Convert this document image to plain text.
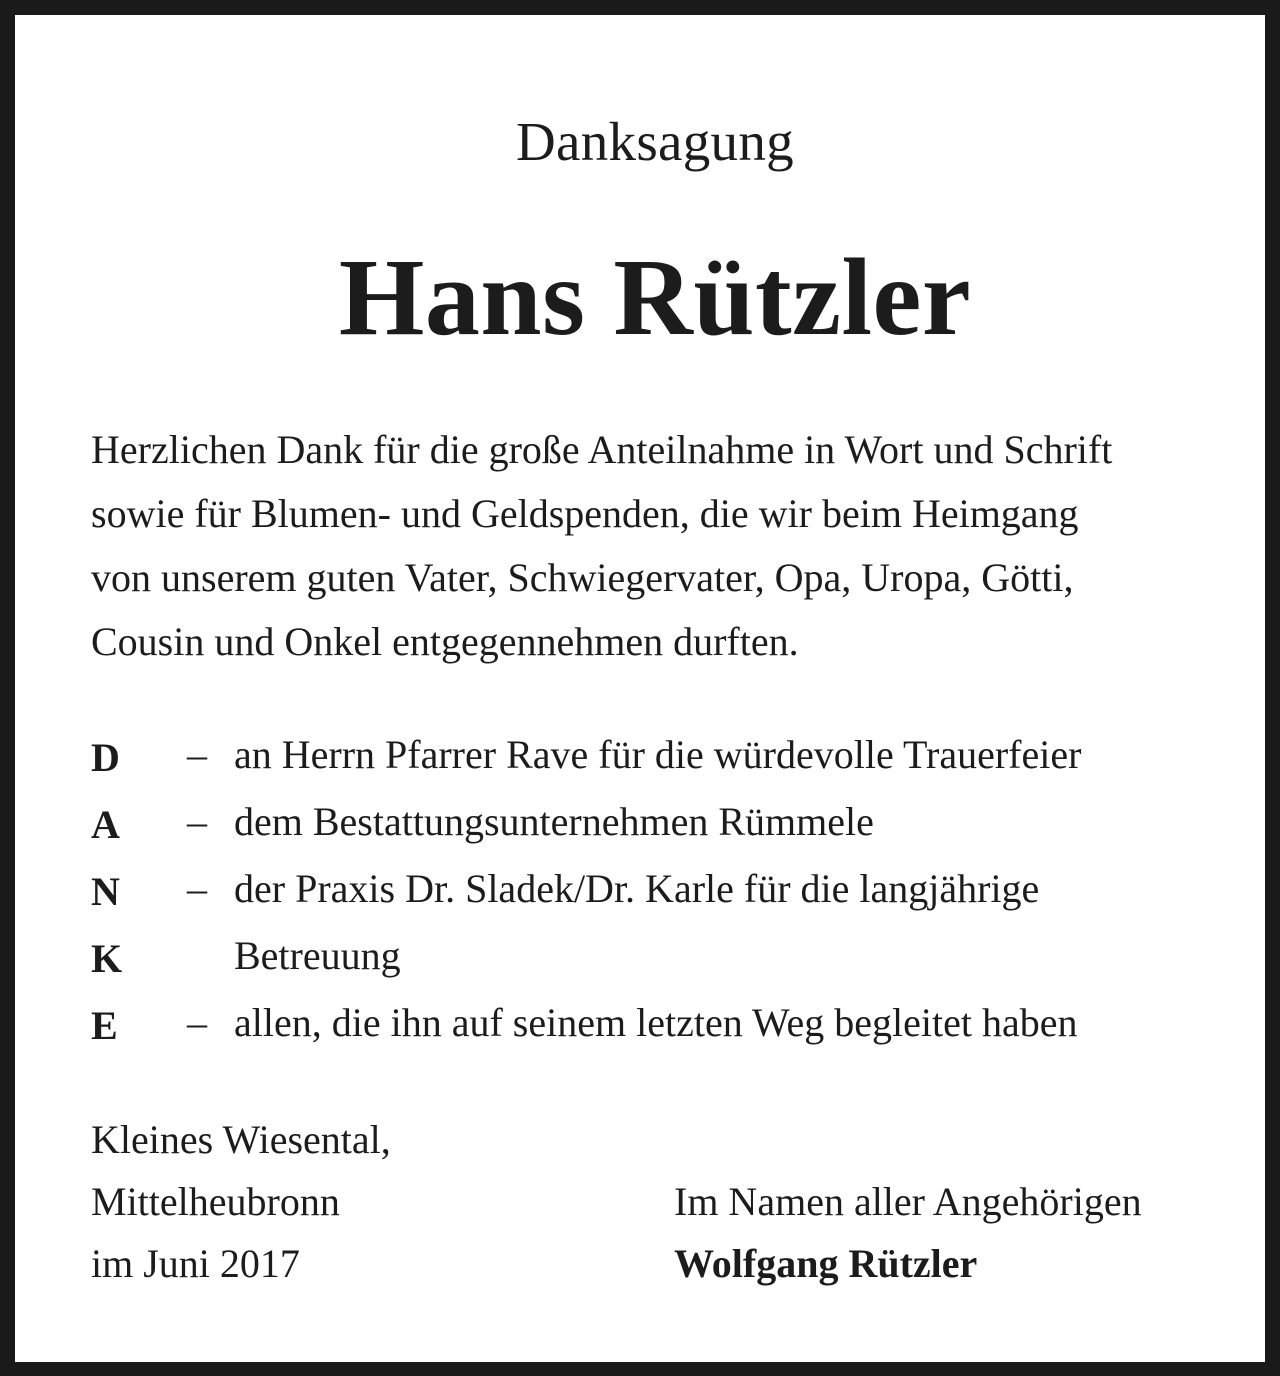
Danksagung
Hans Rützler
Herzlichen Dank für die große Anteilnahme in Wort und Schrift
sowie für Blumen- und Geldspenden, die wir beim Heimgang
von unserem guten Vater, Schwiegervater, Opa, Uropa, Götti,
Cousin und Onkel entgegennehmen durften.
D – an Herrn Pfarrer Rave für die würdevolle Trauerfeier
A – dem Bestattungsunternehmen Rümmele
N – der Praxis Dr. Sladek/Dr. Karle für die langjährige
K	Betreuung
E – allen, die ihn auf seinem letzten Weg begleitet haben
Kleines Wiesental,
Mittelheubronn
im Juni 2017
Im Namen aller Angehörigen
Wolfgang Rützler
